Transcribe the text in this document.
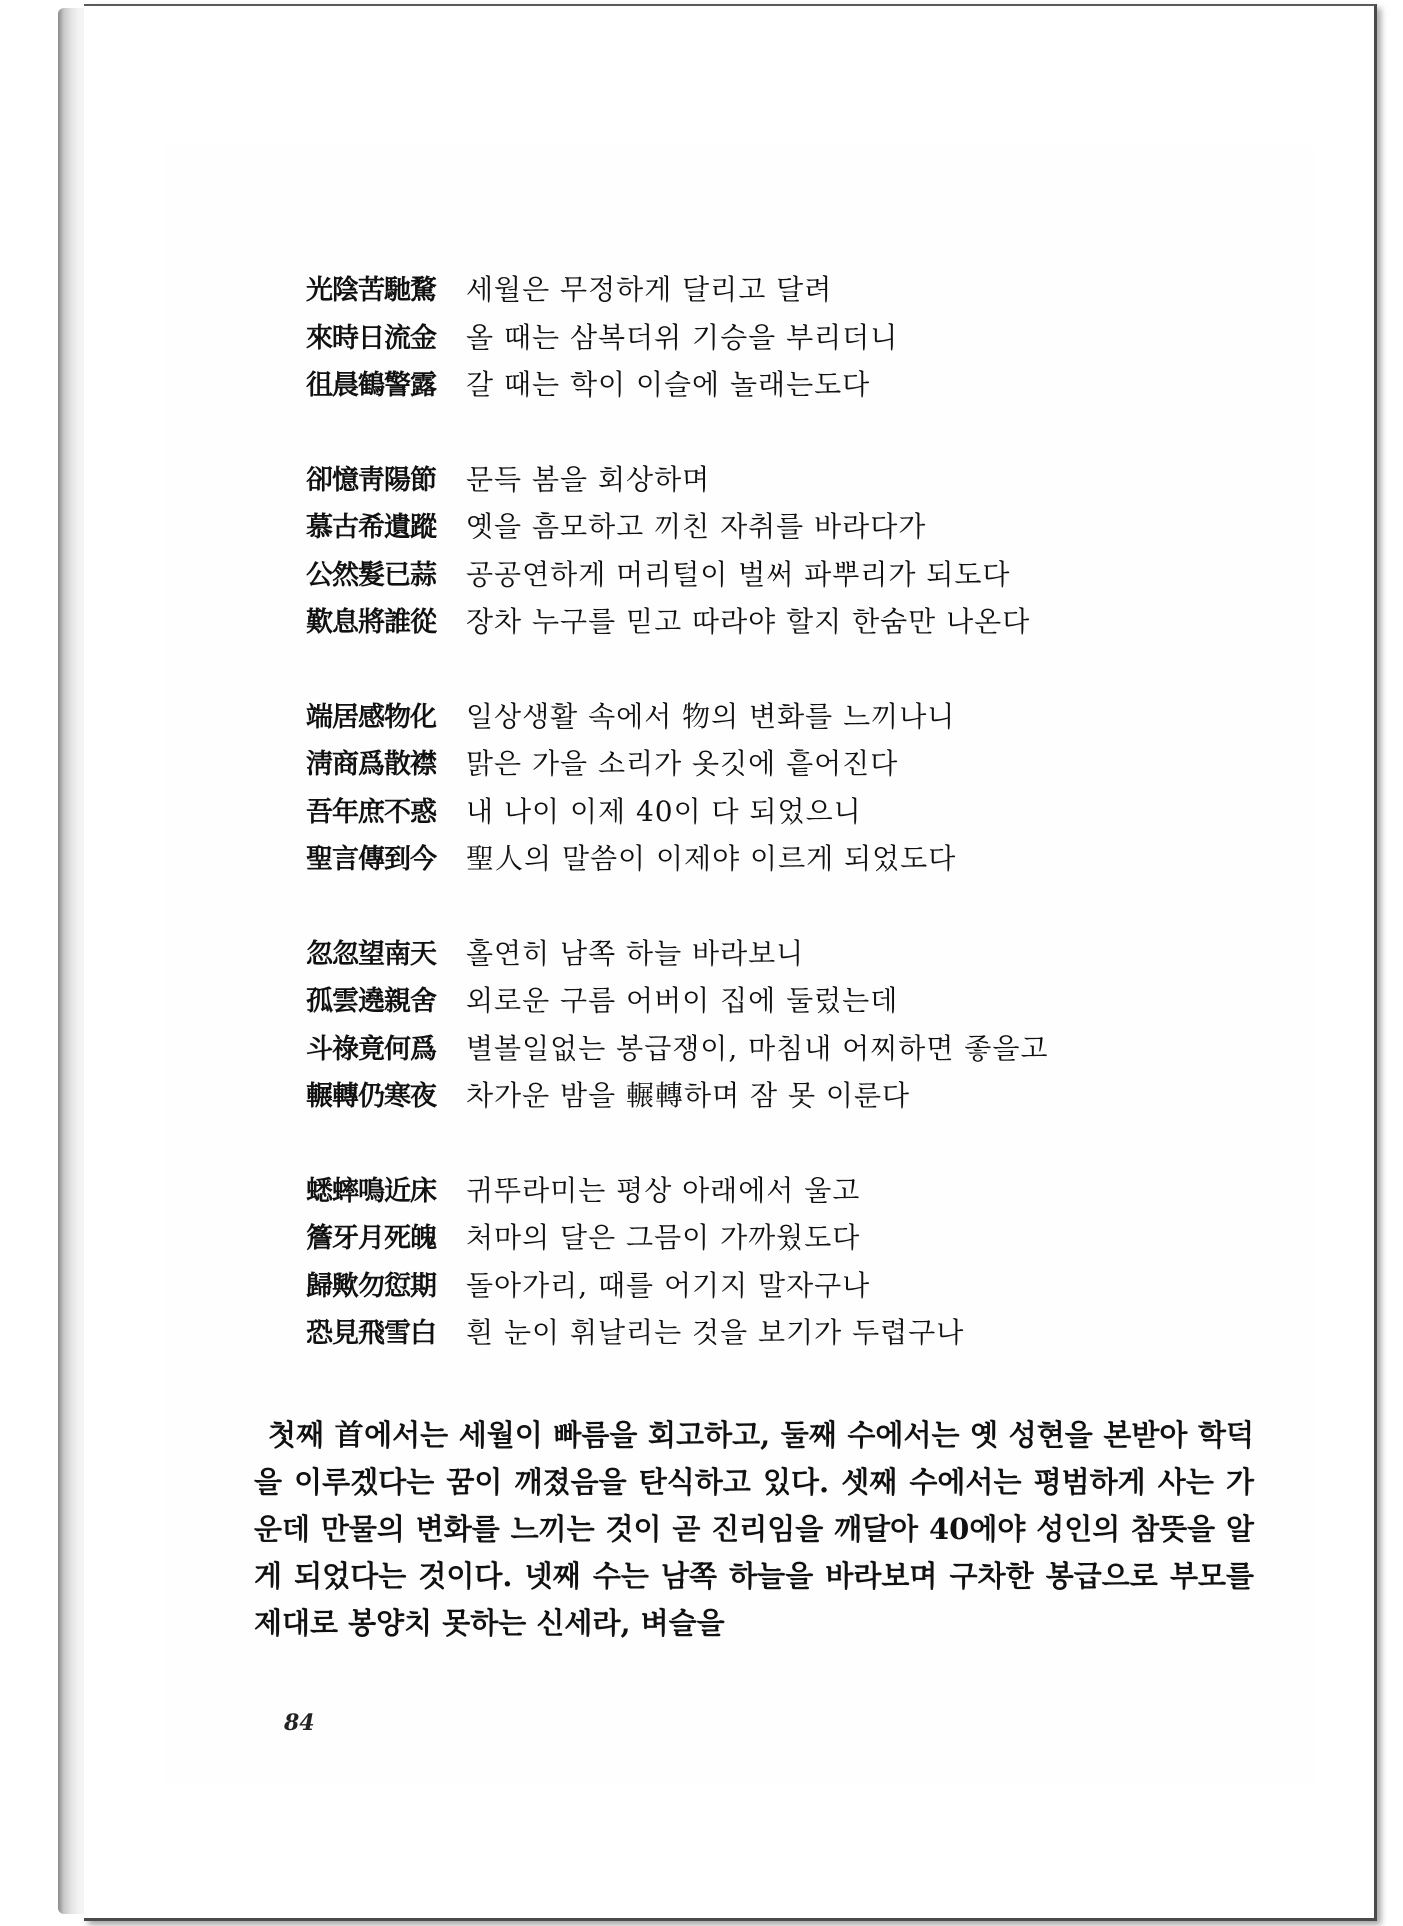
光陰苦馳騖	세월은 무정하게 달리고 달려
來時日流金	올 때는 삼복더위 기승을 부리더니
徂晨鶴警露	갈 때는 학이 이슬에 놀래는도다
卻憶靑陽節	문득 봄을 회상하며
慕古希遺蹤	옛을 흠모하고 끼친 자취를 바라다가
公然髮已蒜	공공연하게 머리털이 벌써 파뿌리가 되도다
歎息將誰從	장차 누구를 믿고 따라야 할지 한숨만 나온다
端居感物化	일상생활 속에서 物의 변화를 느끼나니
淸商爲散襟	맑은 가을 소리가 옷깃에 흩어진다
吾年庶不惑	내 나이 이제 40이 다 되었으니
聖言傳到今	聖人의 말씀이 이제야 이르게 되었도다
忽忽望南天	홀연히 남쪽 하늘 바라보니
孤雲遶親舍	외로운 구름 어버이 집에 둘렀는데
斗祿竟何爲	별볼일없는 봉급쟁이, 마침내 어찌하면 좋을고
輾轉仍寒夜	차가운 밤을 輾轉하며 잠 못 이룬다
蟋蟀鳴近床	귀뚜라미는 평상 아래에서 울고
簷牙月死魄	처마의 달은 그믐이 가까웠도다
歸歟勿愆期	돌아가리, 때를 어기지 말자구나
恐見飛雪白	흰 눈이 휘날리는 것을 보기가 두렵구나
첫째 首에서는 세월이 빠름을 회고하고, 둘째 수에서는 옛 성현을 본받아 학덕을 이루겠다는 꿈이 깨졌음을 탄식하고 있다. 셋째 수에서는 평범하게 사는 가운데 만물의 변화를 느끼는 것이 곧 진리임을 깨달아 40에야 성인의 참뜻을 알게 되었다는 것이다. 넷째 수는 남쪽 하늘을 바라보며 구차한 봉급으로 부모를 제대로 봉양치 못하는 신세라, 벼슬을
84
